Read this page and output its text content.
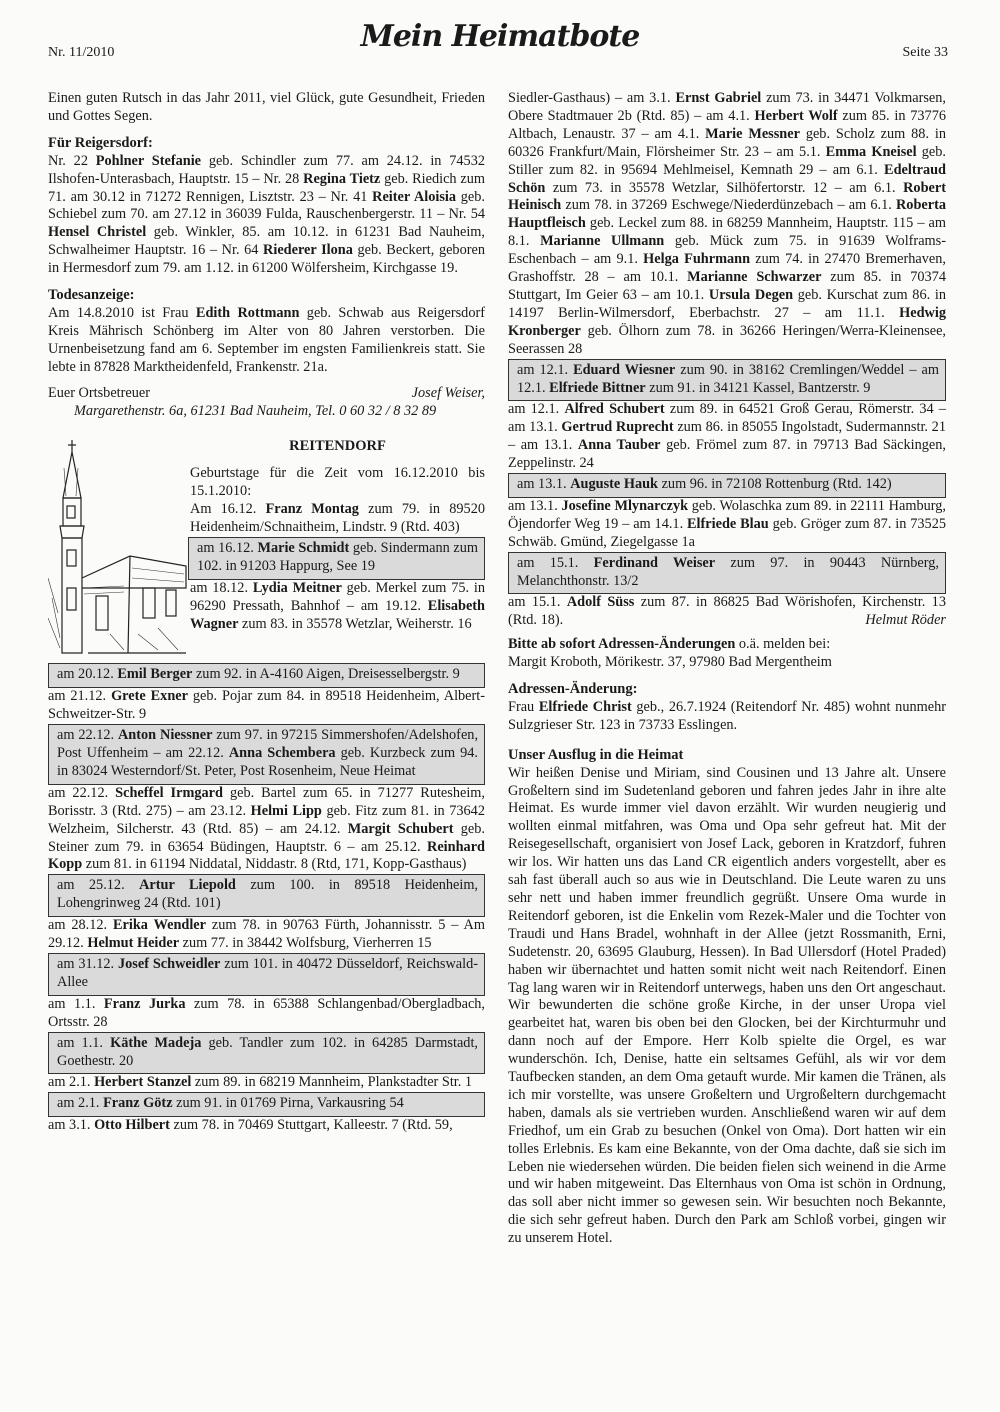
Nr. 11/2010	Mein Heimatbote	Seite 33

Einen guten Rutsch in das Jahr 2011, viel Glück, gute Gesundheit, Frieden und Gottes Segen.

Für Reigersdorf:

Nr. 22 Pohlner Stefanie geb. Schindler zum 77. am 24.12. in 74532 Ilshofen-Unterasbach, Hauptstr. 15 – Nr. 28 Regina Tietz geb. Riedich zum 71. am 30.12 in 71272 Rennigen, Lisztstr. 23 – Nr. 41 Reiter Aloisia geb. Schiebel zum 70. am 27.12 in 36039 Fulda, Rauschenbergerstr. 11 – Nr. 54 Hensel Christel geb. Winkler, 85. am 10.12. in 61231 Bad Nauheim, Schwalheimer Hauptstr. 16 – Nr. 64 Riederer Ilona geb. Beckert, geboren in Hermesdorf zum 79. am 1.12. in 61200 Wölfersheim, Kirchgasse 19.

Todesanzeige:

Am 14.8.2010 ist Frau Edith Rottmann geb. Schwab aus Reigersdorf Kreis Mährisch Schönberg im Alter von 80 Jahren verstorben. Die Urnenbeisetzung fand am 6. September im engsten Familienkreis statt. Sie lebte in 87828 Marktheidenfeld, Frankenstr. 21a.

Euer Ortsbetreuer	Josef Weiser,

Margarethenstr. 6a, 61231 Bad Nauheim, Tel. 0 60 32 / 8 32 89

REITENDORF

Geburtstage für die Zeit vom 16.12.2010 bis 15.1.2010:

Am 16.12. Franz Montag zum 79. in 89520 Heidenheim/Schnaitheim, Lindstr. 9 (Rtd. 403)

am 16.12. Marie Schmidt geb. Sindermann zum 102. in 91203 Happurg, See 19

am 18.12. Lydia Meitner geb. Merkel zum 75. in 96290 Pressath, Bahnhof – am 19.12. Elisabeth Wagner zum 83. in 35578 Wetzlar, Weiherstr. 16

am 20.12. Emil Berger zum 92. in A-4160 Aigen, Dreisesselbergstr. 9

am 21.12. Grete Exner geb. Pojar zum 84. in 89518 Heidenheim, Albert-Schweitzer-Str. 9

am 22.12. Anton Niessner zum 97. in 97215 Simmershofen/Adelshofen, Post Uffenheim – am 22.12. Anna Schembera geb. Kurzbeck zum 94. in 83024 Westerndorf/St. Peter, Post Rosenheim, Neue Heimat

am 22.12. Scheffel Irmgard geb. Bartel zum 65. in 71277 Rutesheim, Borisstr. 3 (Rtd. 275) – am 23.12. Helmi Lipp geb. Fitz zum 81. in 73642 Welzheim, Silcherstr. 43 (Rtd. 85) – am 24.12. Margit Schubert geb. Steiner zum 79. in 63654 Büdingen, Hauptstr. 6 – am 25.12. Reinhard Kopp zum 81. in 61194 Niddatal, Niddastr. 8 (Rtd, 171, Kopp-Gasthaus)

am 25.12. Artur Liepold zum 100. in 89518 Heidenheim, Lohengrinweg 24 (Rtd. 101)

am 28.12. Erika Wendler zum 78. in 90763 Fürth, Johannisstr. 5 – Am 29.12. Helmut Heider zum 77. in 38442 Wolfsburg, Vierherren 15

am 31.12. Josef Schweidler zum 101. in 40472 Düsseldorf, Reichswald-Allee

am 1.1. Franz Jurka zum 78. in 65388 Schlangenbad/Obergladbach, Ortsstr. 28

am 1.1. Käthe Madeja geb. Tandler zum 102. in 64285 Darmstadt, Goethestr. 20

am 2.1. Herbert Stanzel zum 89. in 68219 Mannheim, Plankstadter Str. 1

am 2.1. Franz Götz zum 91. in 01769 Pirna, Varkausring 54

am 3.1. Otto Hilbert zum 78. in 70469 Stuttgart, Kalleestr. 7 (Rtd. 59,

Siedler-Gasthaus) – am 3.1. Ernst Gabriel zum 73. in 34471 Volkmarsen, Obere Stadtmauer 2b (Rtd. 85) – am 4.1. Herbert Wolf zum 85. in 73776 Altbach, Lenaustr. 37 – am 4.1. Marie Messner geb. Scholz zum 88. in 60326 Frankfurt/Main, Flörsheimer Str. 23 – am 5.1. Emma Kneisel geb. Stiller zum 82. in 95694 Mehlmeisel, Kemnath 29 – am 6.1. Edeltraud Schön zum 73. in 35578 Wetzlar, Silhöfertorstr. 12 – am 6.1. Robert Heinisch zum 78. in 37269 Eschwege/Niederdünzebach – am 6.1. Roberta Hauptfleisch geb. Leckel zum 88. in 68259 Mannheim, Hauptstr. 115 – am 8.1. Marianne Ullmann geb. Mück zum 75. in 91639 Wolframs-Eschenbach – am 9.1. Helga Fuhrmann zum 74. in 27470 Bremerhaven, Grashoffstr. 28 – am 10.1. Marianne Schwarzer zum 85. in 70374 Stuttgart, Im Geier 63 – am 10.1. Ursula Degen geb. Kurschat zum 86. in 14197 Berlin-Wilmersdorf, Eberbachstr. 27 – am 11.1. Hedwig Kronberger geb. Ölhorn zum 78. in 36266 Heringen/Werra-Kleinensee, Seerassen 28

am 12.1. Eduard Wiesner zum 90. in 38162 Cremlingen/Weddel – am 12.1. Elfriede Bittner zum 91. in 34121 Kassel, Bantzerstr. 9

am 12.1. Alfred Schubert zum 89. in 64521 Groß Gerau, Römerstr. 34 – am 13.1. Gertrud Ruprecht zum 86. in 85055 Ingolstadt, Sudermannstr. 21 – am 13.1. Anna Tauber geb. Frömel zum 87. in 79713 Bad Säckingen, Zeppelinstr. 24

am 13.1. Auguste Hauk zum 96. in 72108 Rottenburg (Rtd. 142)

am 13.1. Josefine Mlynarczyk geb. Wolaschka zum 89. in 22111 Hamburg, Öjendorfer Weg 19 – am 14.1. Elfriede Blau geb. Gröger zum 87. in 73525 Schwäb. Gmünd, Ziegelgasse 1a

am 15.1. Ferdinand Weiser zum 97. in 90443 Nürnberg, Melanchthonstr. 13/2

am 15.1. Adolf Süss zum 87. in 86825 Bad Wörishofen, Kirchenstr. 13 (Rtd. 18).	Helmut Röder

Bitte ab sofort Adressen-Änderungen o.ä. melden bei:

Margit Kroboth, Mörikestr. 37, 97980 Bad Mergentheim

Adressen-Änderung:

Frau Elfriede Christ geb., 26.7.1924 (Reitendorf Nr. 485) wohnt nunmehr Sulzgrieser Str. 123 in 73733 Esslingen.

Unser Ausflug in die Heimat

Wir heißen Denise und Miriam, sind Cousinen und 13 Jahre alt. Unsere Großeltern sind im Sudetenland geboren und fahren jedes Jahr in ihre alte Heimat. Es wurde immer viel davon erzählt. Wir wurden neugierig und wollten einmal mitfahren, was Oma und Opa sehr gefreut hat. Mit der Reisegesellschaft, organisiert von Josef Lack, geboren in Kratzdorf, fuhren wir los. Wir hatten uns das Land CR eigentlich anders vorgestellt, aber es sah fast überall auch so aus wie in Deutschland. Die Leute waren zu uns sehr nett und haben immer freundlich gegrüßt. Unsere Oma wurde in Reitendorf geboren, ist die Enkelin vom Rezek-Maler und die Tochter von Traudi und Hans Bradel, wohnhaft in der Allee (jetzt Rossmanith, Erni, Sudetenstr. 20, 63695 Glauburg, Hessen). In Bad Ullersdorf (Hotel Praded) haben wir übernachtet und hatten somit nicht weit nach Reitendorf. Einen Tag lang waren wir in Reitendorf unterwegs, haben uns den Ort angeschaut. Wir bewunderten die schöne große Kirche, in der unser Uropa viel gearbeitet hat, waren bis oben bei den Glocken, bei der Kirchturmuhr und dann noch auf der Empore. Herr Kolb spielte die Orgel, es war wunderschön. Ich, Denise, hatte ein seltsames Gefühl, als wir vor dem Taufbecken standen, an dem Oma getauft wurde. Mir kamen die Tränen, als ich mir vorstellte, was unsere Großeltern und Urgroßeltern durchgemacht haben, damals als sie vertrieben wurden. Anschließend waren wir auf dem Friedhof, um ein Grab zu besuchen (Onkel von Oma). Dort hatten wir ein tolles Erlebnis. Es kam eine Bekannte, von der Oma dachte, daß sie sich im Leben nie wiedersehen würden. Die beiden fielen sich weinend in die Arme und wir haben mitgeweint. Das Elternhaus von Oma ist schön in Ordnung, das soll aber nicht immer so gewesen sein. Wir besuchten noch Bekannte, die sich sehr gefreut haben. Durch den Park am Schloß vorbei, gingen wir zu unserem Hotel.
